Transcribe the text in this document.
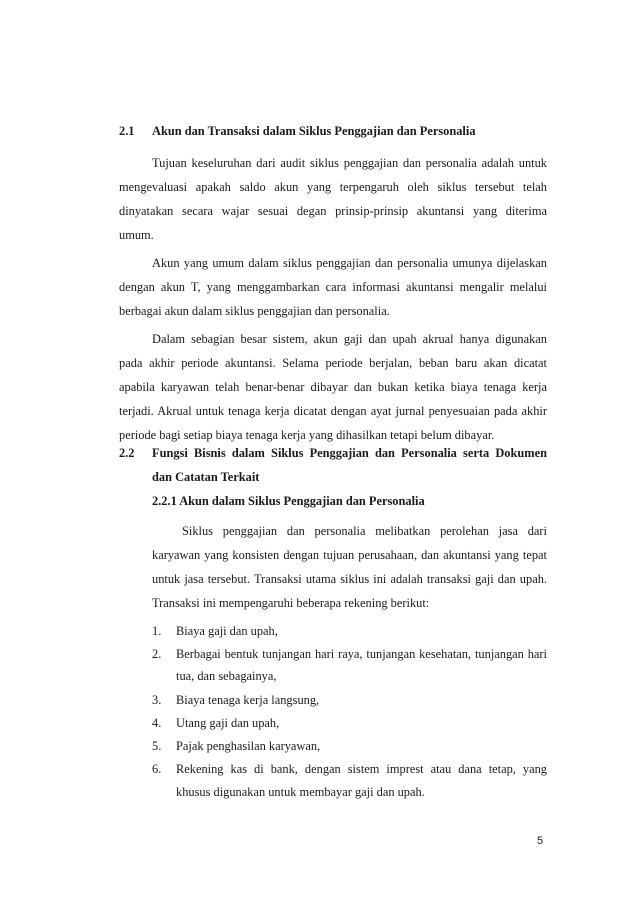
2.1 Akun dan Transaksi dalam Siklus Penggajian dan Personalia
Tujuan keseluruhan dari audit siklus penggajian dan personalia adalah untuk
mengevaluasi apakah saldo akun yang terpengaruh oleh siklus tersebut telah
dinyatakan secara wajar sesuai degan prinsip-prinsip akuntansi yang diterima
umum.
Akun yang umum dalam siklus penggajian dan personalia umunya dijelaskan
dengan akun T, yang menggambarkan cara informasi akuntansi mengalir melalui
berbagai akun dalam siklus penggajian dan personalia.
Dalam sebagian besar sistem, akun gaji dan upah akrual hanya digunakan
pada akhir periode akuntansi. Selama periode berjalan, beban baru akan dicatat
apabila karyawan telah benar-benar dibayar dan bukan ketika biaya tenaga kerja
terjadi. Akrual untuk tenaga kerja dicatat dengan ayat jurnal penyesuaian pada akhir
periode bagi setiap biaya tenaga kerja yang dihasilkan tetapi belum dibayar.
2.2 Fungsi Bisnis dalam Siklus Penggajian dan Personalia serta Dokumen
dan Catatan Terkait
2.2.1 Akun dalam Siklus Penggajian dan Personalia
Siklus penggajian dan personalia melibatkan perolehan jasa dari
karyawan yang konsisten dengan tujuan perusahaan, dan akuntansi yang tepat
untuk jasa tersebut. Transaksi utama siklus ini adalah transaksi gaji dan upah.
Transaksi ini mempengaruhi beberapa rekening berikut:
1. Biaya gaji dan upah,
2. Berbagai bentuk tunjangan hari raya, tunjangan kesehatan, tunjangan hari
tua, dan sebagainya,
3. Biaya tenaga kerja langsung,
4. Utang gaji dan upah,
5. Pajak penghasilan karyawan,
6. Rekening kas di bank, dengan sistem imprest atau dana tetap, yang
khusus digunakan untuk membayar gaji dan upah.
5
